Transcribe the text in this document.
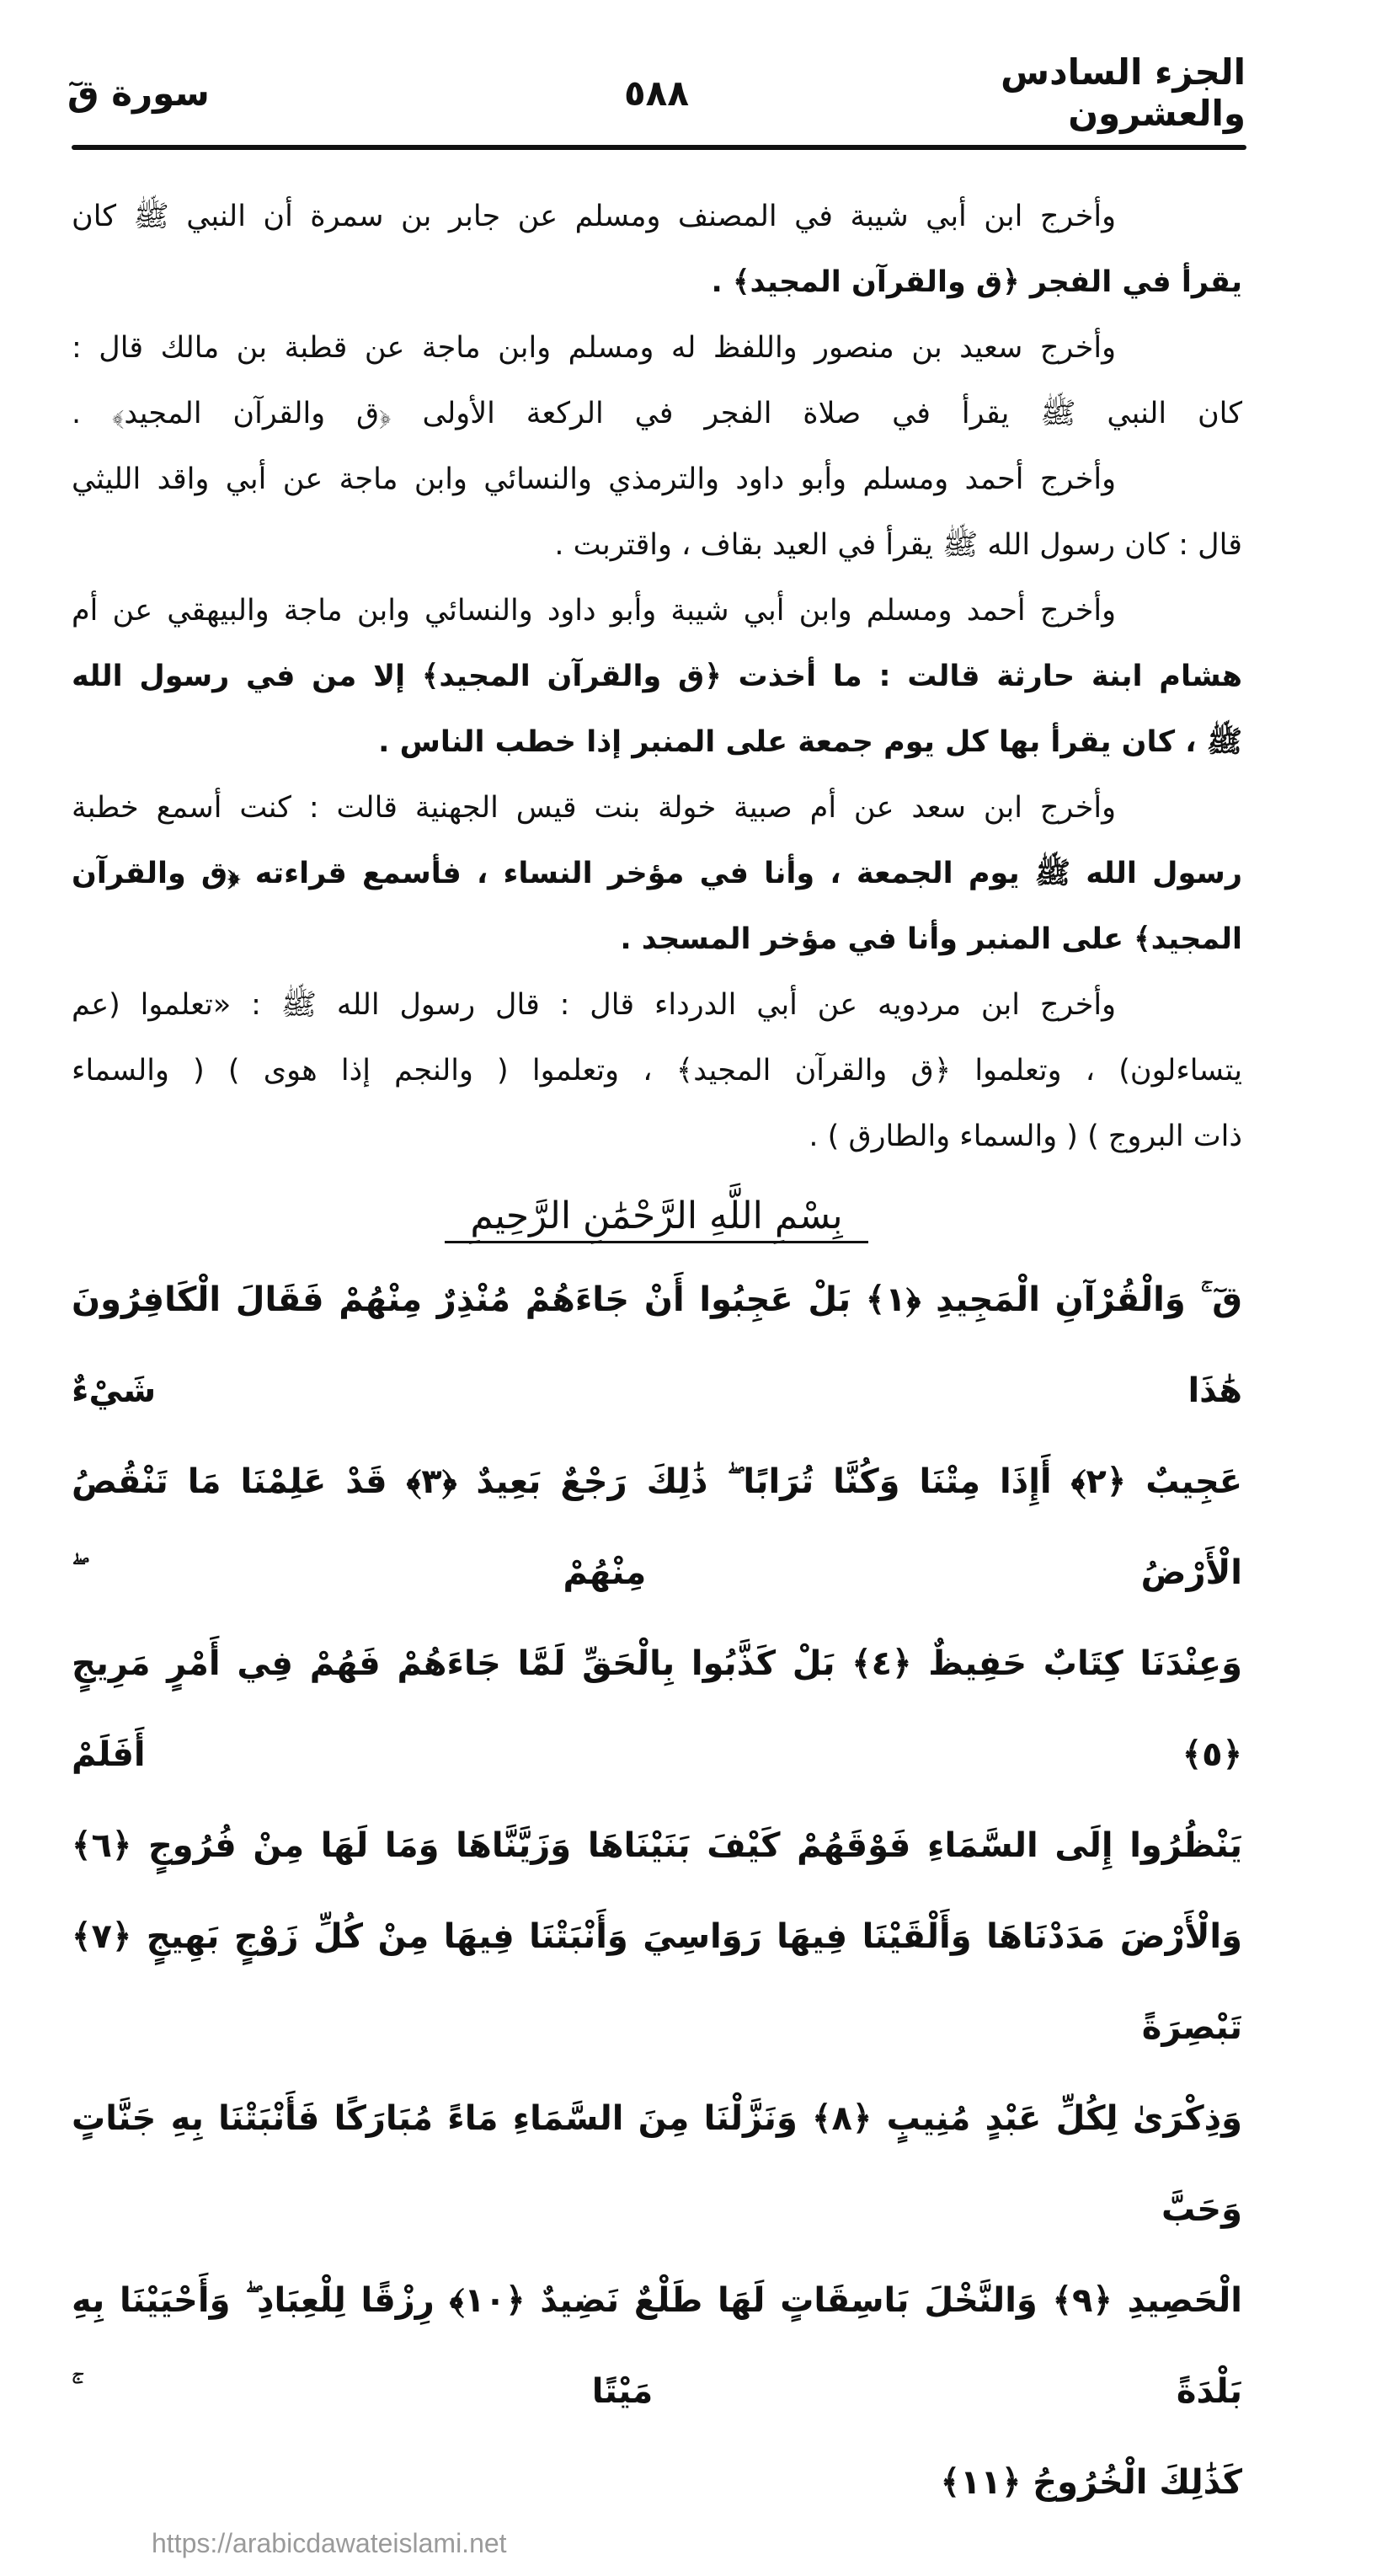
الجزء السادس والعشرون
٥٨٨
سورة قٓ
وأخرج ابن أبي شيبة في المصنف ومسلم عن جابر بن سمرة أن النبي ﷺ كان
يقرأ في الفجر ﴿ق والقرآن المجيد﴾ .
وأخرج سعيد بن منصور واللفظ له ومسلم وابن ماجة عن قطبة بن مالك قال :
كان النبي ﷺ يقرأ في صلاة الفجر في الركعة الأولى ﴿ق والقرآن المجيد﴾ .
وأخرج أحمد ومسلم وأبو داود والترمذي والنسائي وابن ماجة عن أبي واقد الليثي
قال : كان رسول الله ﷺ يقرأ في العيد بقاف ، واقتربت .
وأخرج أحمد ومسلم وابن أبي شيبة وأبو داود والنسائي وابن ماجة والبيهقي عن أم
هشام ابنة حارثة قالت : ما أخذت ﴿ق والقرآن المجيد﴾ إلا من في رسول الله
ﷺ ، كان يقرأ بها كل يوم جمعة على المنبر إذا خطب الناس .
وأخرج ابن سعد عن أم صبية خولة بنت قيس الجهنية قالت : كنت أسمع خطبة
رسول الله ﷺ يوم الجمعة ، وأنا في مؤخر النساء ، فأسمع قراءته ﴿ق والقرآن
المجيد﴾ على المنبر وأنا في مؤخر المسجد .
وأخرج ابن مردويه عن أبي الدرداء قال : قال رسول الله ﷺ : «تعلموا (عم
يتساءلون) ، وتعلموا ﴿ق والقرآن المجيد﴾ ، وتعلموا ( والنجم إذا هوى ) ( والسماء
ذات البروج ) ( والسماء والطارق ) .
بِسْمِ اللَّهِ الرَّحْمَٰنِ الرَّحِيمِ
قٓ ۚ وَالْقُرْآنِ الْمَجِيدِ ﴿١﴾ بَلْ عَجِبُوا أَنْ جَاءَهُمْ مُنْذِرٌ مِنْهُمْ فَقَالَ الْكَافِرُونَ هَٰذَا شَيْءٌ
عَجِيبٌ ﴿٢﴾ أَإِذَا مِتْنَا وَكُنَّا تُرَابًا ۖ ذَٰلِكَ رَجْعٌ بَعِيدٌ ﴿٣﴾ قَدْ عَلِمْنَا مَا تَنْقُصُ الْأَرْضُ مِنْهُمْ ۖ
وَعِنْدَنَا كِتَابٌ حَفِيظٌ ﴿٤﴾ بَلْ كَذَّبُوا بِالْحَقِّ لَمَّا جَاءَهُمْ فَهُمْ فِي أَمْرٍ مَرِيجٍ ﴿٥﴾ أَفَلَمْ
يَنْظُرُوا إِلَى السَّمَاءِ فَوْقَهُمْ كَيْفَ بَنَيْنَاهَا وَزَيَّنَّاهَا وَمَا لَهَا مِنْ فُرُوجٍ ﴿٦﴾
وَالْأَرْضَ مَدَدْنَاهَا وَأَلْقَيْنَا فِيهَا رَوَاسِيَ وَأَنْبَتْنَا فِيهَا مِنْ كُلِّ زَوْجٍ بَهِيجٍ ﴿٧﴾ تَبْصِرَةً
وَذِكْرَىٰ لِكُلِّ عَبْدٍ مُنِيبٍ ﴿٨﴾ وَنَزَّلْنَا مِنَ السَّمَاءِ مَاءً مُبَارَكًا فَأَنْبَتْنَا بِهِ جَنَّاتٍ وَحَبَّ
الْحَصِيدِ ﴿٩﴾ وَالنَّخْلَ بَاسِقَاتٍ لَهَا طَلْعٌ نَضِيدٌ ﴿١٠﴾ رِزْقًا لِلْعِبَادِ ۖ وَأَحْيَيْنَا بِهِ بَلْدَةً مَيْتًا ۚ
كَذَٰلِكَ الْخُرُوجُ ﴿١١﴾
https://arabicdawateislami.net
